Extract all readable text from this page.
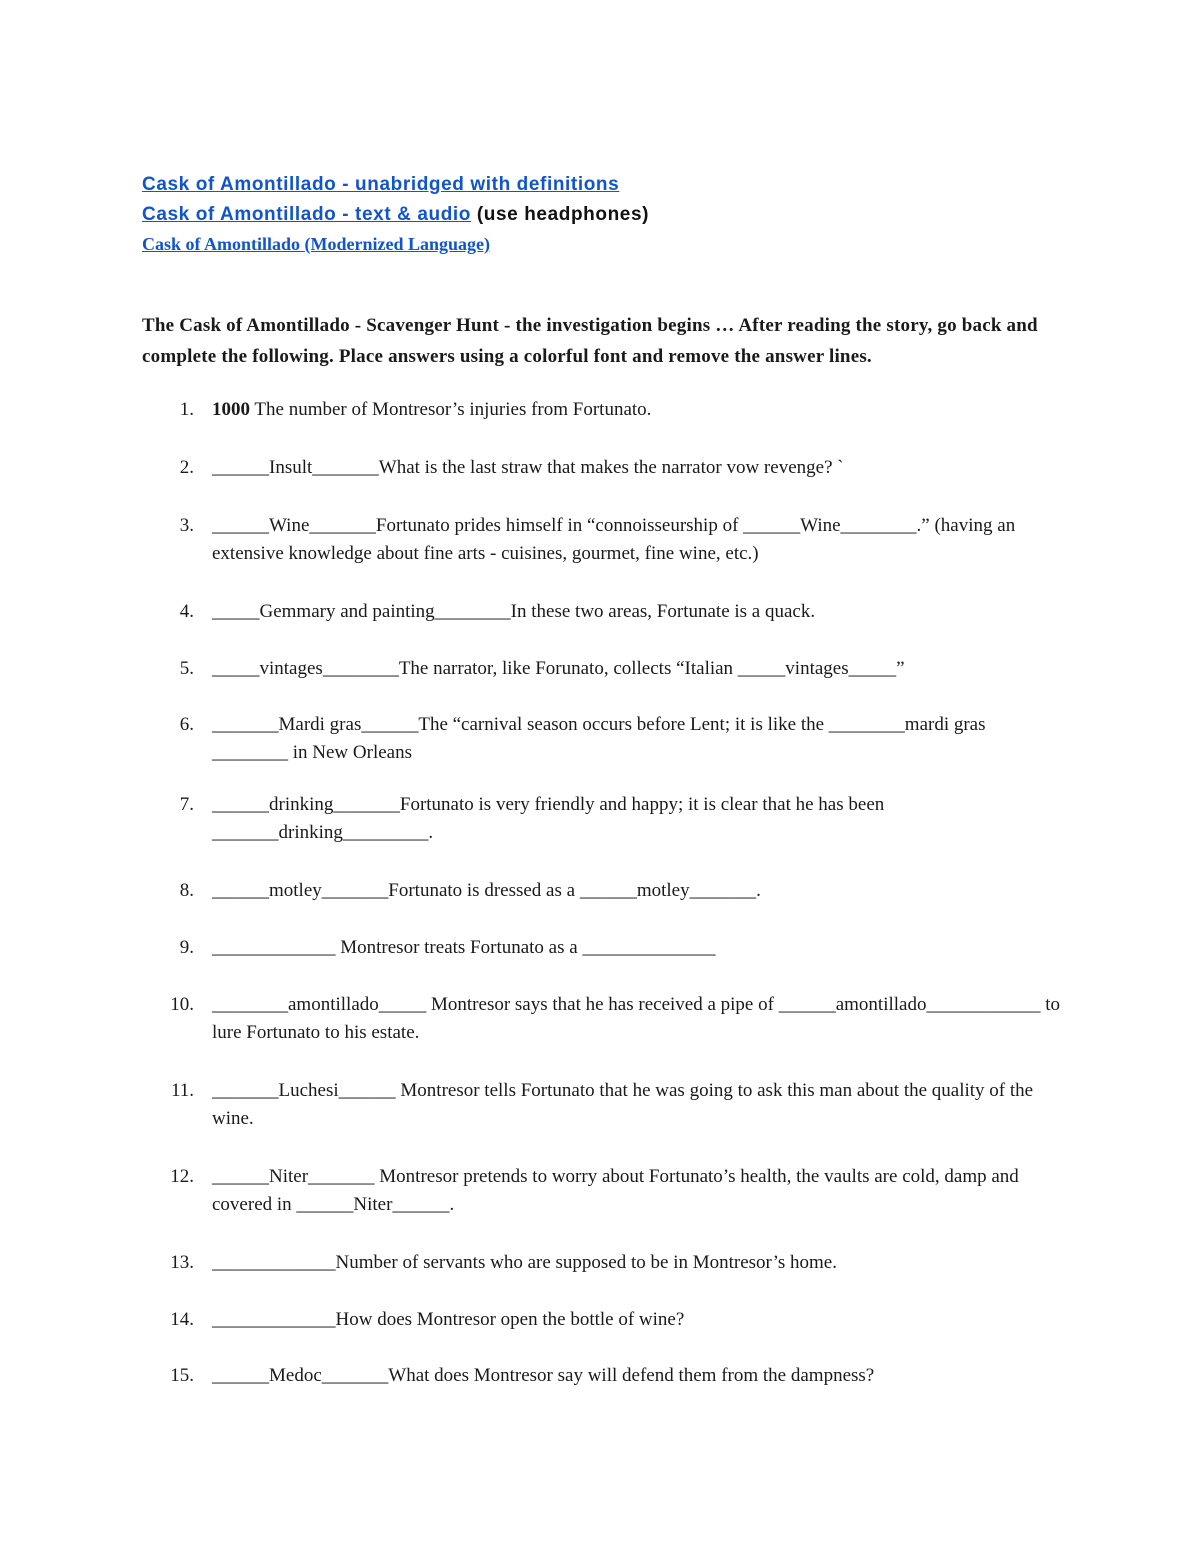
Cask of Amontillado - unabridged with definitions
Cask of Amontillado - text & audio (use headphones)
Cask of Amontillado (Modernized Language)
The Cask of Amontillado - Scavenger Hunt - the investigation begins … After reading the story, go back and complete the following. Place answers using a colorful font and remove the answer lines.
1. 1000 The number of Montresor’s injuries from Fortunato.
2. ______Insult_______What is the last straw that makes the narrator vow revenge? `
3. ______Wine_______Fortunato prides himself in “connoisseurship of ______Wine________.” (having an extensive knowledge about fine arts - cuisines, gourmet, fine wine, etc.)
4. _____Gemmary and painting________In these two areas, Fortunate is a quack.
5. _____vintages________The narrator, like Forunato, collects “Italian _____vintages_____”
6. _______Mardi gras______The “carnival season occurs before Lent; it is like the ________mardi gras ________ in New Orleans
7. ______drinking_______Fortunato is very friendly and happy; it is clear that he has been _______drinking_________.
8. ______motley_______Fortunato is dressed as a ______motley_______.
9. _____________ Montresor treats Fortunato as a ______________
10. ________amontillado_____ Montresor says that he has received a pipe of ______amontillado____________ to lure Fortunato to his estate.
11. _______Luchesi______ Montresor tells Fortunato that he was going to ask this man about the quality of the wine.
12. ______Niter_______ Montresor pretends to worry about Fortunato’s health, the vaults are cold, damp and covered in ______Niter______.
13. _____________Number of servants who are supposed to be in Montresor’s home.
14. _____________How does Montresor open the bottle of wine?
15. ______Medoc_______What does Montresor say will defend them from the dampness?
